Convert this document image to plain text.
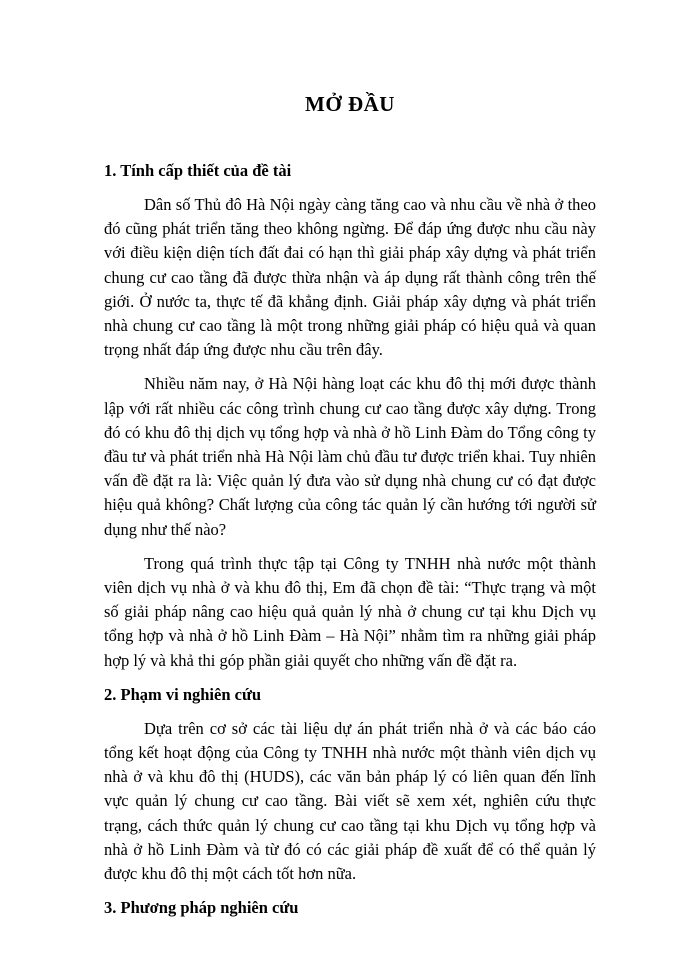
MỞ ĐẦU
1. Tính cấp thiết của đề tài

Dân số Thủ đô Hà Nội ngày càng tăng cao và nhu cầu về nhà ở theo đó cũng phát triển tăng theo không ngừng. Để đáp ứng được nhu cầu này với điều kiện diện tích đất đai có hạn thì giải pháp xây dựng và phát triển chung cư cao tầng đã được thừa nhận và áp dụng rất thành công trên thế giới. Ở nước ta, thực tế đã khẳng định. Giải pháp xây dựng và phát triển nhà chung cư cao tầng là một trong những giải pháp có hiệu quả và quan trọng nhất đáp ứng được nhu cầu trên đây.

Nhiều năm nay, ở Hà Nội hàng loạt các khu đô thị mới được thành lập với rất nhiều các công trình chung cư cao tầng được xây dựng. Trong đó có khu đô thị dịch vụ tổng hợp và nhà ở hồ Linh Đàm do Tổng công ty đầu tư và phát triển nhà Hà Nội làm chủ đầu tư được triển khai. Tuy nhiên vấn đề đặt ra là: Việc quản lý đưa vào sử dụng nhà chung cư có đạt được hiệu quả không? Chất lượng của công tác quản lý cần hướng tới người sử dụng như thế nào?

Trong quá trình thực tập tại Công ty TNHH nhà nước một thành viên dịch vụ nhà ở và khu đô thị, Em đã chọn đề tài: “Thực trạng và một số giải pháp nâng cao hiệu quả quản lý nhà ở chung cư tại khu Dịch vụ tổng hợp và nhà ở hồ Linh Đàm – Hà Nội” nhằm tìm ra những giải pháp hợp lý và khả thi góp phần giải quyết cho những vấn đề đặt ra.

2. Phạm vi nghiên cứu

Dựa trên cơ sở các tài liệu dự án phát triển nhà ở và các báo cáo tổng kết hoạt động của Công ty TNHH nhà nước một thành viên dịch vụ nhà ở và khu đô thị (HUDS), các văn bản pháp lý có liên quan đến lĩnh vực quản lý chung cư cao tầng. Bài viết sẽ xem xét, nghiên cứu thực trạng, cách thức quản lý chung cư cao tầng tại khu Dịch vụ tổng hợp và nhà ở hồ Linh Đàm và từ đó có các giải pháp đề xuất để có thể quản lý được khu đô thị một cách tốt hơn nữa.

3. Phương pháp nghiên cứu
